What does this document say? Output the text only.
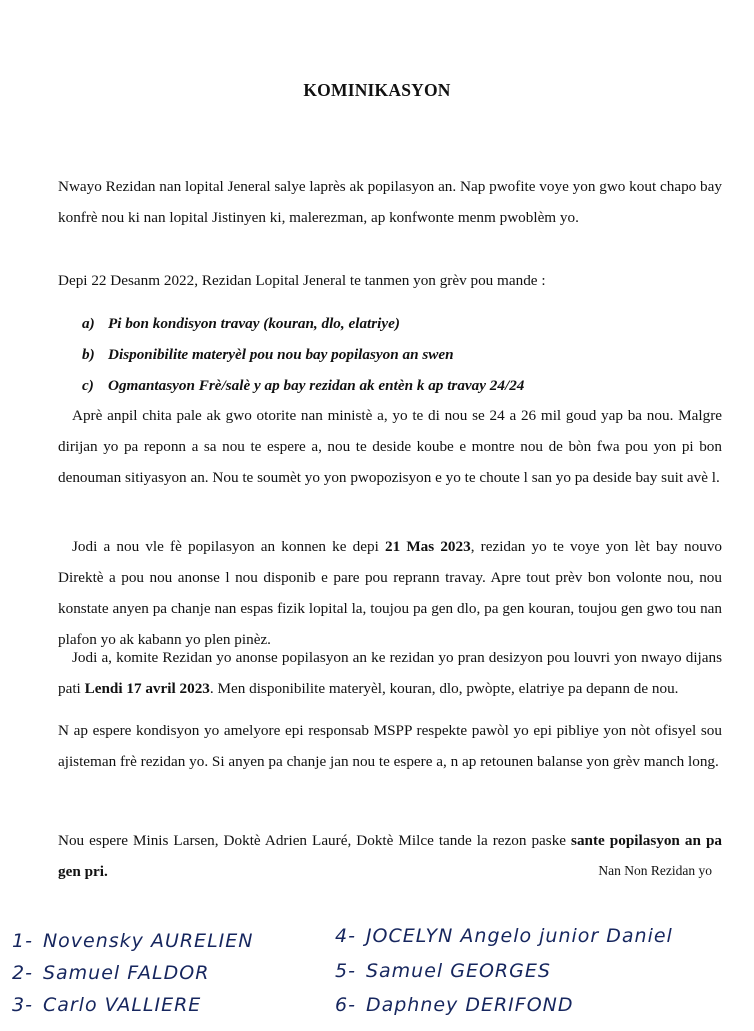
KOMINIKASYON

Nwayo Rezidan nan lopital Jeneral salye laprès ak popilasyon an. Nap pwofite voye yon gwo kout chapo bay konfrè nou ki nan lopital Jistinyen ki, malerezman, ap konfwonte menm pwoblèm yo.

Depi 22 Desanm 2022, Rezidan Lopital Jeneral te tanmen yon grèv pou mande :

a) Pi bon kondisyon travay (kouran, dlo, elatriye)
b) Disponibilite materyèl pou nou bay popilasyon an swen
c) Ogmantasyon Frè/salè y ap bay rezidan ak entèn k ap travay 24/24

Aprè anpil chita pale ak gwo otorite nan ministè a, yo te di nou se 24 a 26 mil goud yap ba nou. Malgre dirijan yo pa reponn a sa nou te espere a, nou te deside koube e montre nou de bòn fwa pou yon pi bon denouman sitiyasyon an. Nou te soumèt yo yon pwopozisyon e yo te choute l san yo pa deside bay suit avè l.

Jodi a nou vle fè popilasyon an konnen ke depi 21 Mas 2023, rezidan yo te voye yon lèt bay nouvo Direktè a pou nou anonse l nou disponib e pare pou reprann travay. Apre tout prèv bon volonte nou, nou konstate anyen pa chanje nan espas fizik lopital la, toujou pa gen dlo, pa gen kouran, toujou gen gwo tou nan plafon yo ak kabann yo plen pinèz.

Jodi a, komite Rezidan yo anonse popilasyon an ke rezidan yo pran desizyon pou louvri yon nwayo dijans pati Lendi 17 avril 2023. Men disponibilite materyèl, kouran, dlo, pwòpte, elatriye pa depann de nou.

N ap espere kondisyon yo amelyore epi responsab MSPP respekte pawòl yo epi pibliye yon nòt ofisyel sou ajisteman frè rezidan yo. Si anyen pa chanje jan nou te espere a, n ap retounen balanse yon grèv manch long.

Nou espere Minis Larsen, Doktè Adrien Lauré, Doktè Milce tande la rezon paske sante popilasyon an pa gen pri.	Nan Non Rezidan yo
1- Novensky AURELIEN
2- Samuel FALDOR
3- Carlo VALLIERE
4- JOCELYN Angelo junior Daniel
5- Samuel GEORGES
6- Daphney DERIFOND
